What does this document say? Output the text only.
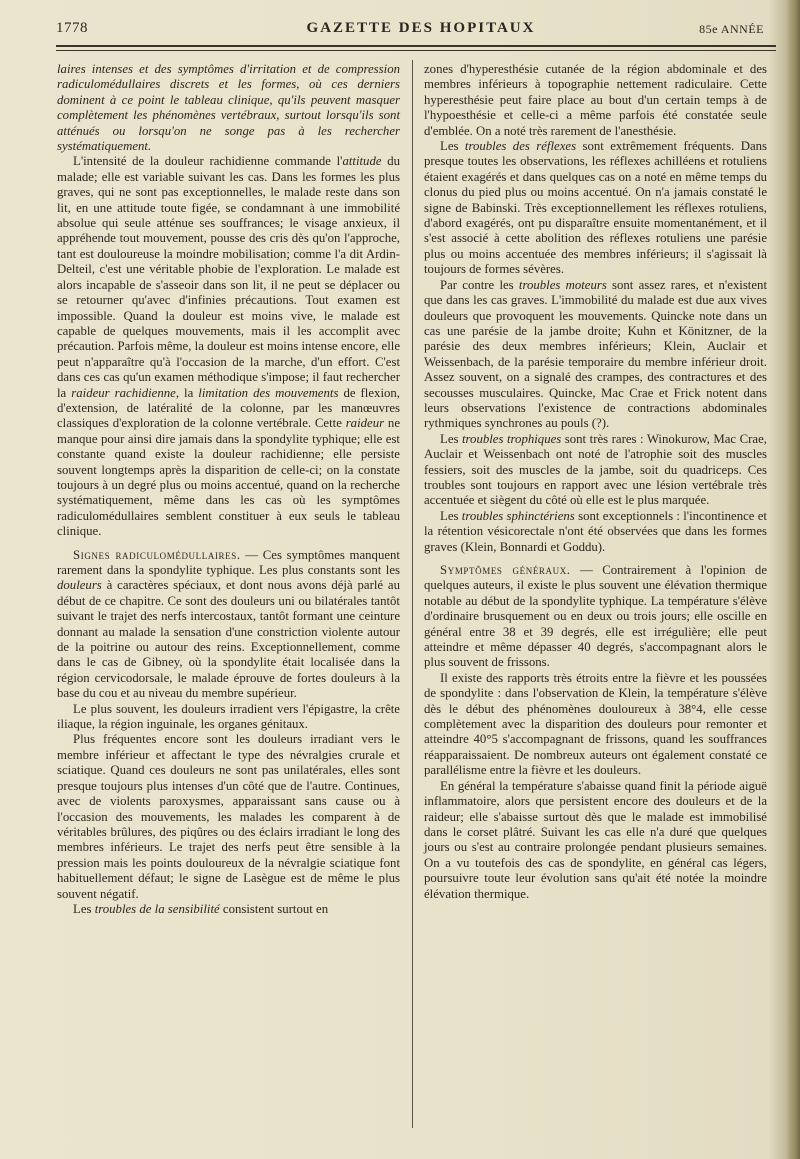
1778	GAZETTE DES HOPITAUX	85e ANNÉE

laires intenses et des symptômes d'irritation et de compression radiculomédullaires discrets et les formes, où ces derniers dominent à ce point le tableau clinique, qu'ils peuvent masquer complètement les phénomènes vertébraux, surtout lorsqu'ils sont atténués ou lorsqu'on ne songe pas à les rechercher systématiquement.

L'intensité de la douleur rachidienne commande l'attitude du malade; elle est variable suivant les cas. Dans les formes les plus graves, qui ne sont pas exceptionnelles, le malade reste dans son lit, en une attitude toute figée, se condamnant à une immobilité absolue qui seule atténue ses souffrances; le visage anxieux, il appréhende tout mouvement, pousse des cris dès qu'on l'approche, tant est douloureuse la moindre mobilisation; comme l'a dit Ardin-Delteil, c'est une véritable phobie de l'exploration. Le malade est alors incapable de s'asseoir dans son lit, il ne peut se déplacer ou se retourner qu'avec d'infinies précautions. Tout examen est impossible. Quand la douleur est moins vive, le malade est capable de quelques mouvements, mais il les accomplit avec précaution. Parfois même, la douleur est moins intense encore, elle peut n'apparaître qu'à l'occasion de la marche, d'un effort. C'est dans ces cas qu'un examen méthodique s'impose; il faut rechercher la raideur rachidienne, la limitation des mouvements de flexion, d'extension, de latéralité de la colonne, par les manœuvres classiques d'exploration de la colonne vertébrale. Cette raideur ne manque pour ainsi dire jamais dans la spondylite typhique; elle est constante quand existe la douleur rachidienne; elle persiste souvent longtemps après la disparition de celle-ci; on la constate toujours à un degré plus ou moins accentué, quand on la recherche systématiquement, même dans les cas où les symptômes radiculomédullaires semblent constituer à eux seuls le tableau clinique.

Signes radiculomédullaires. — Ces symptômes manquent rarement dans la spondylite typhique. Les plus constants sont les douleurs à caractères spéciaux, et dont nous avons déjà parlé au début de ce chapitre. Ce sont des douleurs uni ou bilatérales tantôt suivant le trajet des nerfs intercostaux, tantôt formant une ceinture donnant au malade la sensation d'une constriction violente autour de la poitrine ou autour des reins. Exceptionnellement, comme dans le cas de Gibney, où la spondylite était localisée dans la région cervicodorsale, le malade éprouve de fortes douleurs à la base du cou et au niveau du membre supérieur.

Le plus souvent, les douleurs irradient vers l'épigastre, la crête iliaque, la région inguinale, les organes génitaux.

Plus fréquentes encore sont les douleurs irradiant vers le membre inférieur et affectant le type des névralgies crurale et sciatique. Quand ces douleurs ne sont pas unilatérales, elles sont presque toujours plus intenses d'un côté que de l'autre. Continues, avec de violents paroxysmes, apparaissant sans cause ou à l'occasion des mouvements, les malades les comparent à de véritables brûlures, des piqûres ou des éclairs irradiant le long des membres inférieurs. Le trajet des nerfs peut être sensible à la pression mais les points douloureux de la névralgie sciatique font habituellement défaut; le signe de Lasègue est de même le plus souvent négatif.

Les troubles de la sensibilité consistent surtout en

zones d'hyperesthésie cutanée de la région abdominale et des membres inférieurs à topographie nettement radiculaire. Cette hyperesthésie peut faire place au bout d'un certain temps à de l'hypoesthésie et celle-ci a même parfois été constatée seule d'emblée. On a noté très rarement de l'anesthésie.

Les troubles des réflexes sont extrêmement fréquents. Dans presque toutes les observations, les réflexes achilléens et rotuliens étaient exagérés et dans quelques cas on a noté en même temps du clonus du pied plus ou moins accentué. On n'a jamais constaté le signe de Babinski. Très exceptionnellement les réflexes rotuliens, d'abord exagérés, ont pu disparaître ensuite momentanément, et il s'est associé à cette abolition des réflexes rotuliens une parésie plus ou moins accentuée des membres inférieurs; il s'agissait là toujours de formes sévères.

Par contre les troubles moteurs sont assez rares, et n'existent que dans les cas graves. L'immobilité du malade est due aux vives douleurs que provoquent les mouvements. Quincke note dans un cas une parésie de la jambe droite; Kuhn et Könitzner, de la parésie des deux membres inférieurs; Klein, Auclair et Weissenbach, de la parésie temporaire du membre inférieur droit. Assez souvent, on a signalé des crampes, des contractures et des secousses musculaires. Quincke, Mac Crae et Frick notent dans leurs observations l'existence de contractions abdominales rythmiques synchrones au pouls (?).

Les troubles trophiques sont très rares : Winokurow, Mac Crae, Auclair et Weissenbach ont noté de l'atrophie soit des muscles fessiers, soit des muscles de la jambe, soit du quadriceps. Ces troubles sont toujours en rapport avec une lésion vertébrale très accentuée et siègent du côté où elle est le plus marquée.

Les troubles sphinctériens sont exceptionnels : l'incontinence et la rétention vésicorectale n'ont été observées que dans les formes graves (Klein, Bonnardi et Goddu).

Symptômes généraux. — Contrairement à l'opinion de quelques auteurs, il existe le plus souvent une élévation thermique notable au début de la spondylite typhique. La température s'élève d'ordinaire brusquement ou en deux ou trois jours; elle oscille en général entre 38 et 39 degrés, elle est irrégulière; elle peut atteindre et même dépasser 40 degrés, s'accompagnant alors le plus souvent de frissons.

Il existe des rapports très étroits entre la fièvre et les poussées de spondylite : dans l'observation de Klein, la température s'élève dès le début des phénomènes douloureux à 38°4, elle cesse complètement avec la disparition des douleurs pour remonter et atteindre 40°5 s'accompagnant de frissons, quand les souffrances réapparaissaient. De nombreux auteurs ont également constaté ce parallélisme entre la fièvre et les douleurs.

En général la température s'abaisse quand finit la période aiguë inflammatoire, alors que persistent encore des douleurs et de la raideur; elle s'abaisse surtout dès que le malade est immobilisé dans le corset plâtré. Suivant les cas elle n'a duré que quelques jours ou s'est au contraire prolongée pendant plusieurs semaines. On a vu toutefois des cas de spondylite, en général cas légers, poursuivre toute leur évolution sans qu'ait été notée la moindre élévation thermique.
